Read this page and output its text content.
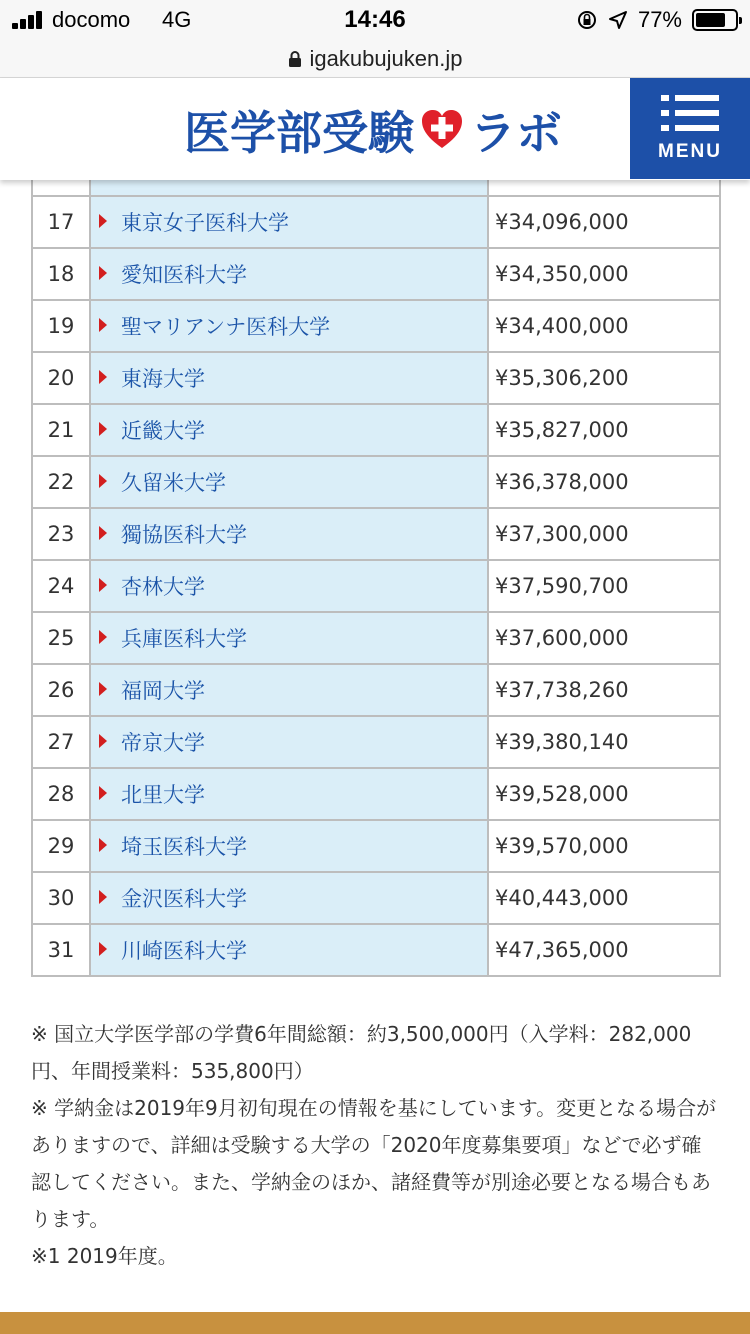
docomo 4G	14:46	77%
igakubujuken.jp
医学部受験 ラボ	MENU

17	東京女子医科大学	¥34,096,000
18	愛知医科大学	¥34,350,000
19	聖マリアンナ医科大学	¥34,400,000
20	東海大学	¥35,306,200
21	近畿大学	¥35,827,000
22	久留米大学	¥36,378,000
23	獨協医科大学	¥37,300,000
24	杏林大学	¥37,590,700
25	兵庫医科大学	¥37,600,000
26	福岡大学	¥37,738,260
27	帝京大学	¥39,380,140
28	北里大学	¥39,528,000
29	埼玉医科大学	¥39,570,000
30	金沢医科大学	¥40,443,000
31	川崎医科大学	¥47,365,000

※ 国立大学医学部の学費6年間総額：約3,500,000円（入学料：282,000円、年間授業料：535,800円）

※ 学納金は2019年9月初旬現在の情報を基にしています。変更となる場合がありますので、詳細は受験する大学の「2020年度募集要項」などで必ず確認してください。また、学納金のほか、諸経費等が別途必要となる場合もあります。

※1 2019年度。
